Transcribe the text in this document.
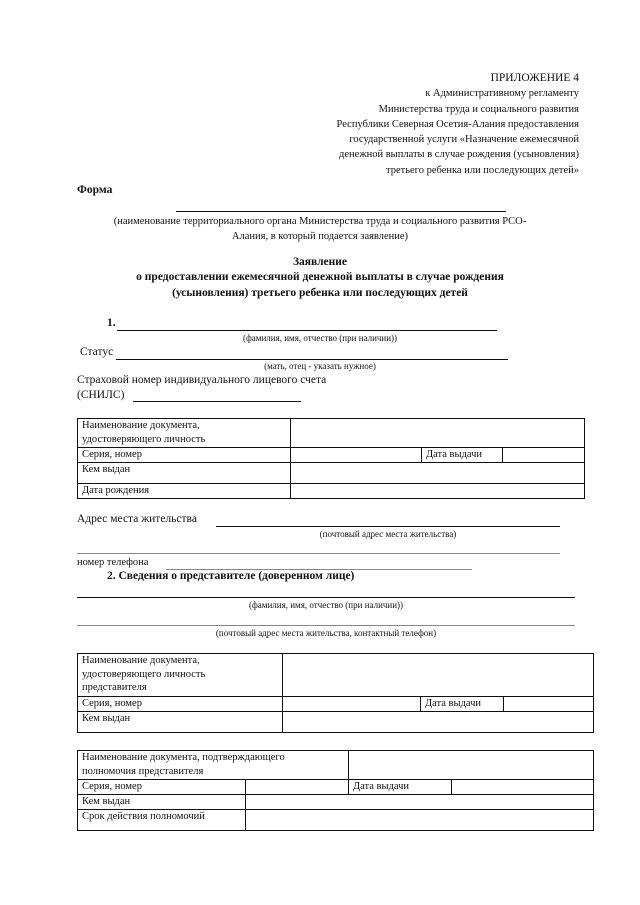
ПРИЛОЖЕНИЕ 4
к Административному регламенту
Министерства труда и социального развития
Республики Северная Осетия-Алания предоставления
государственной услуги «Назначение ежемесячной
денежной выплаты в случае рождения (усыновления)
третьего ребенка или последующих детей»
Форма
(наименование территориального органа Министерства труда и социального развития РСО-
Алания, в который подается заявление)
Заявление
о предоставлении ежемесячной денежной выплаты в случае рождения
(усыновления) третьего ребенка или последующих детей
1.
(фамилия, имя, отчество (при наличии))
Статус
(мать, отец - указать нужное)
Страховой номер индивидуального лицевого счета
(СНИЛС)
Наименование документа,
удостоверяющего личность			

Серия, номер		Дата выдачи	
Кем выдан			
Дата рождения			
Адрес места жительства
(почтовый адрес места жительства)
номер телефона
2. Сведения о представителе (доверенном лице)
(фамилия, имя, отчество (при наличии))
(почтовый адрес места жительства, контактный телефон)
Наименование документа,
удостоверяющего личность
представителя			

Серия, номер		Дата выдачи	
Кем выдан			
Наименование документа, подтверждающего
полномочия представителя			

Серия, номер		Дата выдачи	
Кем выдан			
Срок действия полномочий			
